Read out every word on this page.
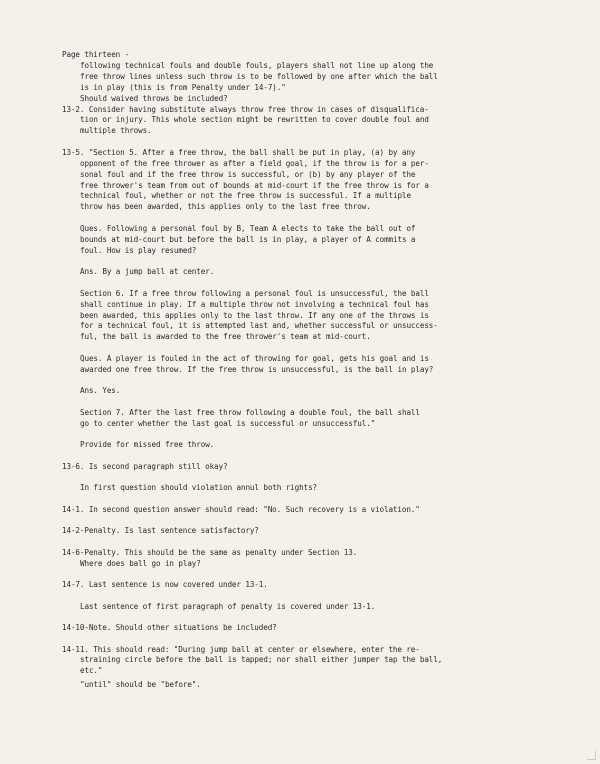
Page thirteen -

following technical fouls and double fouls, players shall not line up along the

free throw lines unless such throw is to be followed by one after which the ball

is in play (this is from Penalty under 14-7)."

Should waived throws be included?

13-2. Consider having substitute always throw free throw in cases of disqualifica-

tion or injury. This whole section might be rewritten to cover double foul and

multiple throws.

13-5. "Section 5. After a free throw, the ball shall be put in play, (a) by any

opponent of the free thrower as after a field goal, if the throw is for a per-

sonal foul and if the free throw is successful, or (b) by any player of the

free thrower's team from out of bounds at mid-court if the free throw is for a

technical foul, whether or not the free throw is successful. If a multiple

throw has been awarded, this applies only to the last free throw.

Ques. Following a personal foul by B, Team A elects to take the ball out of

bounds at mid-court but before the ball is in play, a player of A commits a

foul. How is play resumed?

Ans. By a jump ball at center.

Section 6. If a free throw following a personal foul is unsuccessful, the ball

shall continue in play. If a multiple throw not involving a technical foul has

been awarded, this applies only to the last throw. If any one of the throws is

for a technical foul, it is attempted last and, whether successful or unsuccess-

ful, the ball is awarded to the free thrower's team at mid-court.

Ques. A player is fouled in the act of throwing for goal, gets his goal and is

awarded one free throw. If the free throw is unsuccessful, is the ball in play?

Ans. Yes.

Section 7. After the last free throw following a double foul, the ball shall

go to center whether the last goal is successful or unsuccessful."

Provide for missed free throw.

13-6. Is second paragraph still okay?

In first question should violation annul both rights?

14-1. In second question answer should read: "No. Such recovery is a violation."

14-2-Penalty. Is last sentence satisfactory?

14-6-Penalty. This should be the same as penalty under Section 13.

Where does ball go in play?

14-7. Last sentence is now covered under 13-1.

Last sentence of first paragraph of penalty is covered under 13-1.

14-10-Note. Should other situations be included?

14-11. This should read: "During jump ball at center or elsewhere, enter the re-

straining circle before the ball is tapped; nor shall either jumper tap the ball,

etc."

"until" should be "before".
